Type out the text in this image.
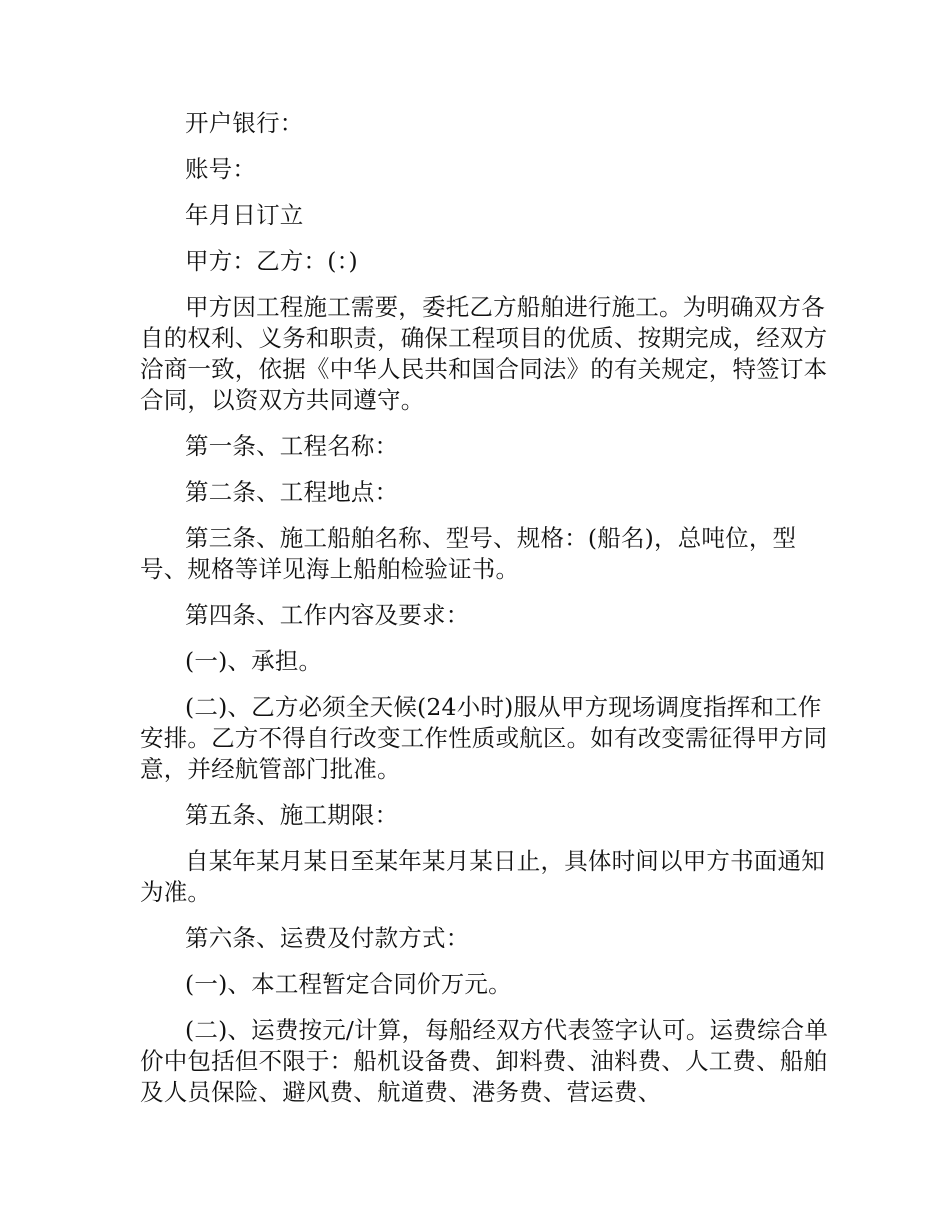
开户银行：

账号：

年月日订立

甲方：乙方：(：)

甲方因工程施工需要，委托乙方船舶进行施工。为明确双方各自的权利、义务和职责，确保工程项目的优质、按期完成，经双方洽商一致，依据《中华人民共和国合同法》的有关规定，特签订本合同，以资双方共同遵守。

第一条、工程名称：

第二条、工程地点：

第三条、施工船舶名称、型号、规格：(船名)，总吨位，型号、规格等详见海上船舶检验证书。

第四条、工作内容及要求：

(一)、承担。

(二)、乙方必须全天候(24小时)服从甲方现场调度指挥和工作安排。乙方不得自行改变工作性质或航区。如有改变需征得甲方同意，并经航管部门批准。

第五条、施工期限：

自某年某月某日至某年某月某日止，具体时间以甲方书面通知为准。

第六条、运费及付款方式：

(一)、本工程暂定合同价万元。

(二)、运费按元/计算，每船经双方代表签字认可。运费综合单价中包括但不限于：船机设备费、卸料费、油料费、人工费、船舶及人员保险、避风费、航道费、港务费、营运费、
